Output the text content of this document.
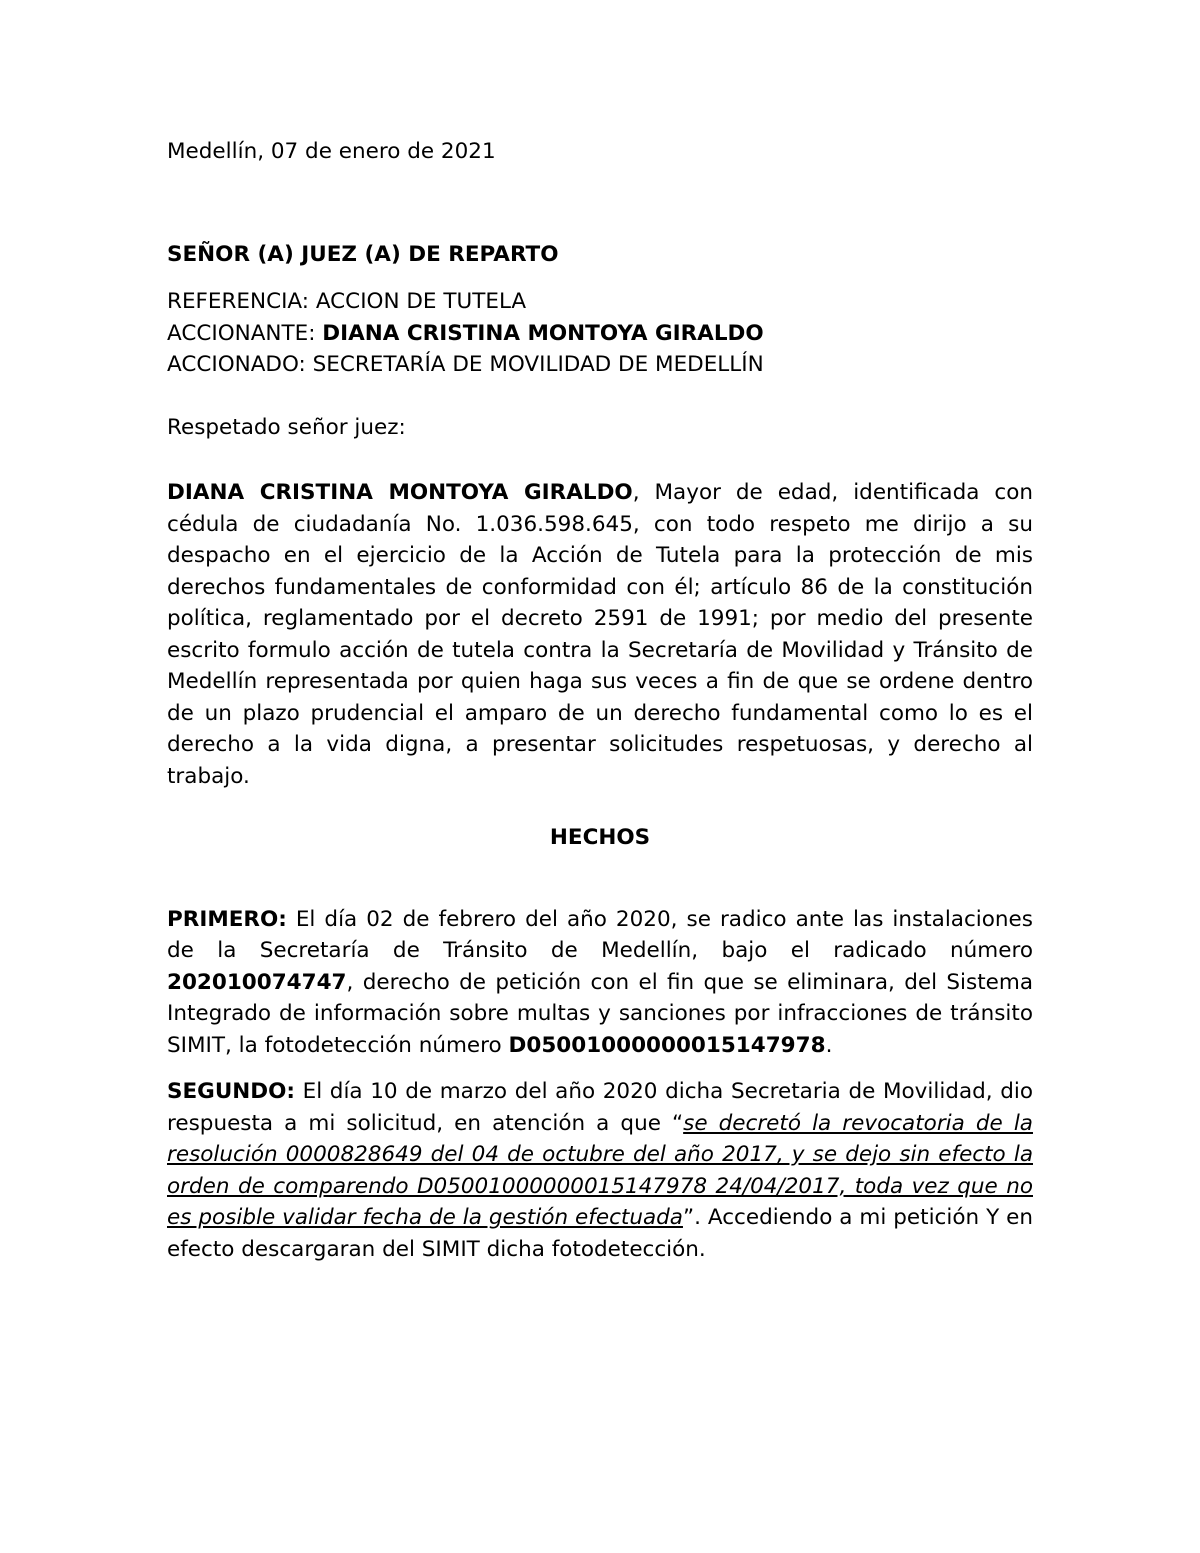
Medellín, 07 de enero de 2021
SEÑOR (A) JUEZ (A) DE REPARTO
REFERENCIA: ACCION DE TUTELA
ACCIONANTE: DIANA CRISTINA MONTOYA GIRALDO
ACCIONADO: SECRETARÍA DE MOVILIDAD DE MEDELLÍN
Respetado señor juez:

DIANA CRISTINA MONTOYA GIRALDO, Mayor de edad, identificada con cédula de ciudadanía No. 1.036.598.645, con todo respeto me dirijo a su despacho en el ejercicio de la Acción de Tutela para la protección de mis derechos fundamentales de conformidad con él; artículo 86 de la constitución política, reglamentado por el decreto 2591 de 1991; por medio del presente escrito formulo acción de tutela contra la Secretaría de Movilidad y Tránsito de Medellín representada por quien haga sus veces a fin de que se ordene dentro de un plazo prudencial el amparo de un derecho fundamental como lo es el derecho a la vida digna, a presentar solicitudes respetuosas, y derecho al trabajo.

HECHOS

PRIMERO: El día 02 de febrero del año 2020, se radico ante las instalaciones de la Secretaría de Tránsito de Medellín, bajo el radicado número 202010074747, derecho de petición con el fin que se eliminara, del Sistema Integrado de información sobre multas y sanciones por infracciones de tránsito SIMIT, la fotodetección número D05001000000015147978.

SEGUNDO: El día 10 de marzo del año 2020 dicha Secretaria de Movilidad, dio respuesta a mi solicitud, en atención a que “se decretó la revocatoria de la resolución 0000828649 del 04 de octubre del año 2017, y se dejo sin efecto la orden de comparendo D05001000000015147978 24/04/2017, toda vez que no es posible validar fecha de la gestión efectuada”. Accediendo a mi petición Y en efecto descargaran del SIMIT dicha fotodetección.
